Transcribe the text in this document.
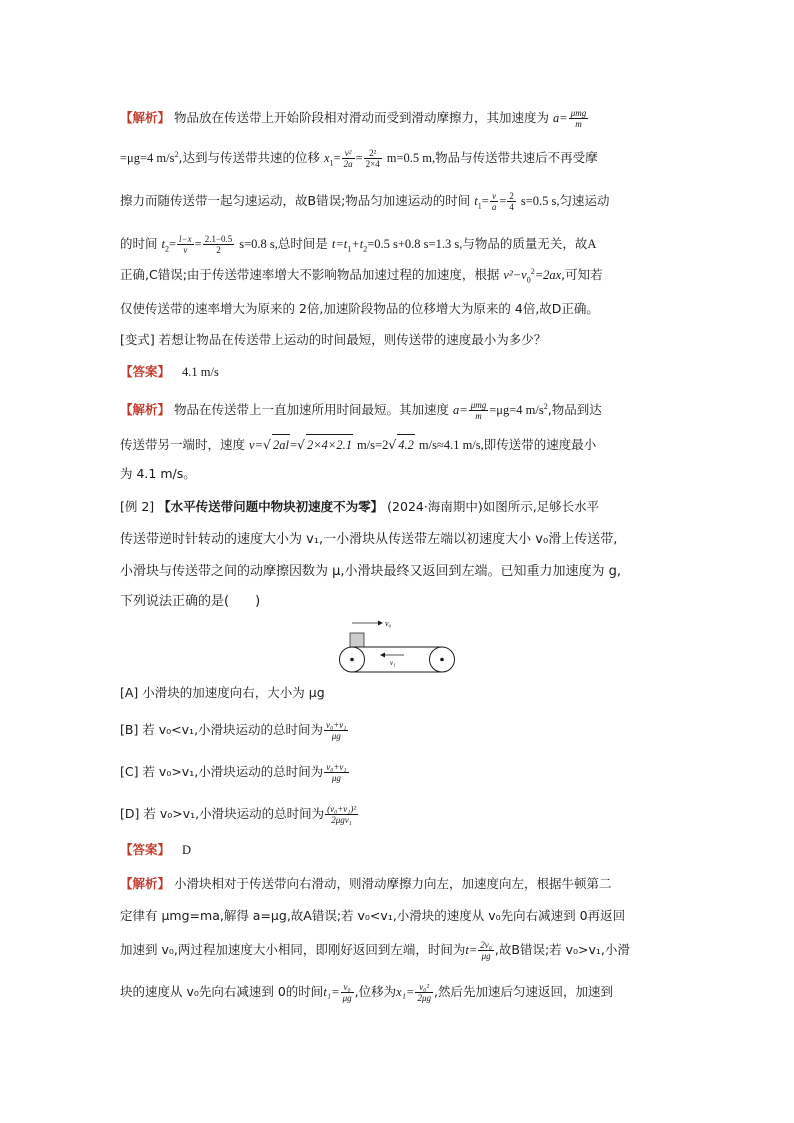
【解析】 物品放在传送带上开始阶段相对滑动而受到滑动摩擦力，其加速度为 $a= \frac{\text{μmg}}{m}$
=μg=4 $m/s^2$,达到与传送带共速的位移 $x_1= \frac{\text{v²}}{2a} = \frac{\text{2²}}{2\times 4} m=0.5$ m,物品与传送带共速后不再受摩
擦力而随传送带一起匀速运动，故B错误;物品匀加速运动的时间 $t_1= \frac{v}{a} = \frac{2}{4} s=0.5$ s,匀速运动
的时间 $t_2= \frac{l-x}{v} = \frac{2.1-0.5}{2} s=0.8$ s,总时间是 $t=t_1+t_2=0.5$ s+0.8 s=1.3 s,与物品的质量无关，故A
正确,C错误;由于传送带速率增大不影响物品加速过程的加速度，根据 $v^2-v_0^2=2ax$,可知若
仅使传送带的速率增大为原来的 2倍,加速阶段物品的位移增大为原来的 4倍,故D正确。
[变式] 若想让物品在传送带上运动的时间最短，则传送带的速度最小为多少？
【答案】 4.1 m/s
【解析】 物品在传送带上一直加速所用时间最短。其加速度 $a= \frac{\text{μmg}}{m} =\mu g=4$ $m/s^2$,物品到达
传送带另一端时，速度 v=√ 2al=√ 2×4×2.1 m/s=2√ 4.2 m/s≈4.1 m/s,即传送带的速度最小
为 4.1 m/s。
[例 2] 【水平传送带问题中物块初速度不为零】 (2024·海南期中)如图所示,足够长水平
传送带逆时针转动的速度大小为 v₁,一小滑块从传送带左端以初速度大小 v₀滑上传送带,
小滑块与传送带之间的动摩擦因数为 μ,小滑块最终又返回到左端。已知重力加速度为 g,
下列说法正确的是(　　)
[A] 小滑块的加速度向右，大小为 μg
[B] 若 v₀<v₁,小滑块运动的总时间为 $\frac{\text{v₀+v₁}}{\mu g}$
[C] 若 v₀>v₁,小滑块运动的总时间为 $\frac{\text{v₀+v₁}}{\mu g}$
[D] 若 v₀>v₁,小滑块运动的总时间为 $\frac{\text{(v₀+v₁)²}}{\text{2μgv₁}}$
【答案】 D
【解析】 小滑块相对于传送带向右滑动，则滑动摩擦力向左，加速度向左，根据牛顿第二
定律有 μmg=ma,解得 a=μg,故A错误;若 v₀<v₁,小滑块的速度从 v₀先向右减速到 0再返回
加速到 v₀,两过程加速度大小相同，即刚好返回到左端，时间为$t= \frac{\text{2v₀}}{\mu g}$ ,故B错误;若 v₀>v₁,小滑
块的速度从 v₀先向右减速到 0的时间$t_1= \frac{\text{v₀}}{\mu g}$ ,位移为$x_1= \frac{\text{v₀²}}{2\mu g}$ ,然后先加速后匀速返回，加速到
v₀
v₁
